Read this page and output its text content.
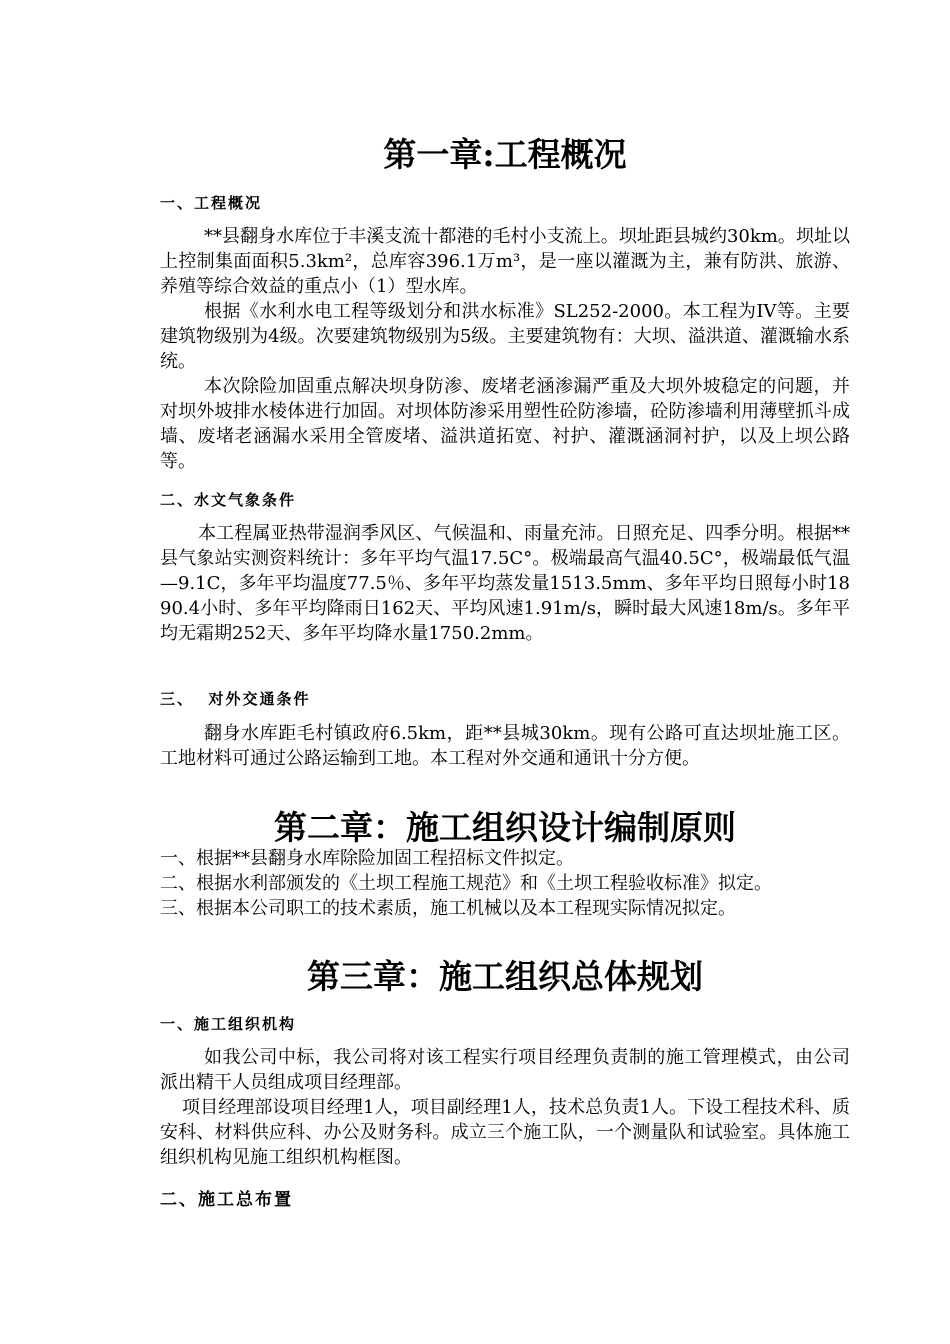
第一章:工程概况
一、工程概况

**县翻身水库位于丰溪支流十都港的毛村小支流上。坝址距县城约30km。坝址以上控制集面面积5.3km²，总库容396.1万m³，是一座以灌溉为主，兼有防洪、旅游、养殖等综合效益的重点小（1）型水库。

根据《水利水电工程等级划分和洪水标准》SL252-2000。本工程为IV等。主要建筑物级别为4级。次要建筑物级别为5级。主要建筑物有：大坝、溢洪道、灌溉输水系统。

本次除险加固重点解决坝身防渗、废堵老涵渗漏严重及大坝外坡稳定的问题，并对坝外坡排水棱体进行加固。对坝体防渗采用塑性砼防渗墙，砼防渗墙利用薄壁抓斗成墙、废堵老涵漏水采用全管废堵、溢洪道拓宽、衬护、灌溉涵洞衬护，以及上坝公路等。

二、水文气象条件

本工程属亚热带湿润季风区、气候温和、雨量充沛。日照充足、四季分明。根据**县气象站实测资料统计：多年平均气温17.5C°。极端最高气温40.5C°，极端最低气温—9.1C，多年平均温度77.5％、多年平均蒸发量1513.5mm、多年平均日照每小时1890.4小时、多年平均降雨日162天、平均风速1.91m/s，瞬时最大风速18m/s。多年平均无霜期252天、多年平均降水量1750.2mm。

三、  对外交通条件

翻身水库距毛村镇政府6.5km，距**县城30km。现有公路可直达坝址施工区。工地材料可通过公路运输到工地。本工程对外交通和通讯十分方便。

第二章：施工组织设计编制原则

一、根据**县翻身水库除险加固工程招标文件拟定。

二、根据水利部颁发的《土坝工程施工规范》和《土坝工程验收标准》拟定。

三、根据本公司职工的技术素质，施工机械以及本工程现实际情况拟定。

第三章：施工组织总体规划
一、施工组织机构

如我公司中标，我公司将对该工程实行项目经理负责制的施工管理模式，由公司派出精干人员组成项目经理部。

项目经理部设项目经理1人，项目副经理1人，技术总负责1人。下设工程技术科、质安科、材料供应科、办公及财务科。成立三个施工队，一个测量队和试验室。具体施工组织机构见施工组织机构框图。

二、施工总布置
